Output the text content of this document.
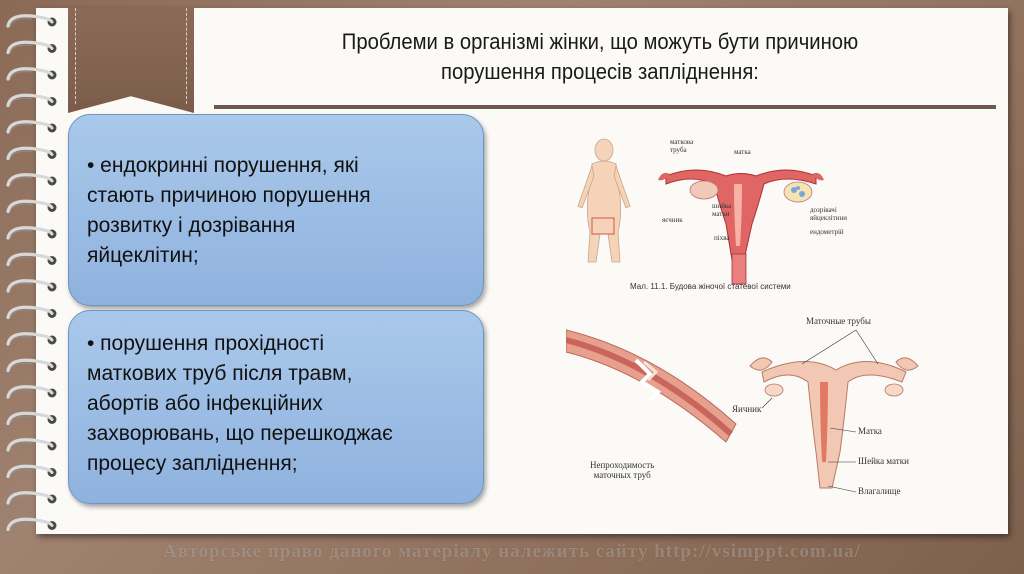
Проблеми в організмі жінки, що можуть бути причиною
порушення процесів запліднення:

• ендокринні порушення, які
стають причиною порушення
розвитку і дозрівання
яйцеклітин;

• порушення прохідності
маткових труб після травм,
абортів або інфекційних
захворювань, що перешкоджає
процесу запліднення;

маткова
труба	матка
яєчник
шийка
матки	дозрівачі
яйцеклітини
ендометрій
піхва
Мал. 11.1. Будова жіночої статевої системи
Маточные трубы
Яичник
Матка
Шейка матки
Влагалище
Непроходимость
маточных труб
Авторське право даного матеріалу належить сайту http://vsimppt.com.ua/
